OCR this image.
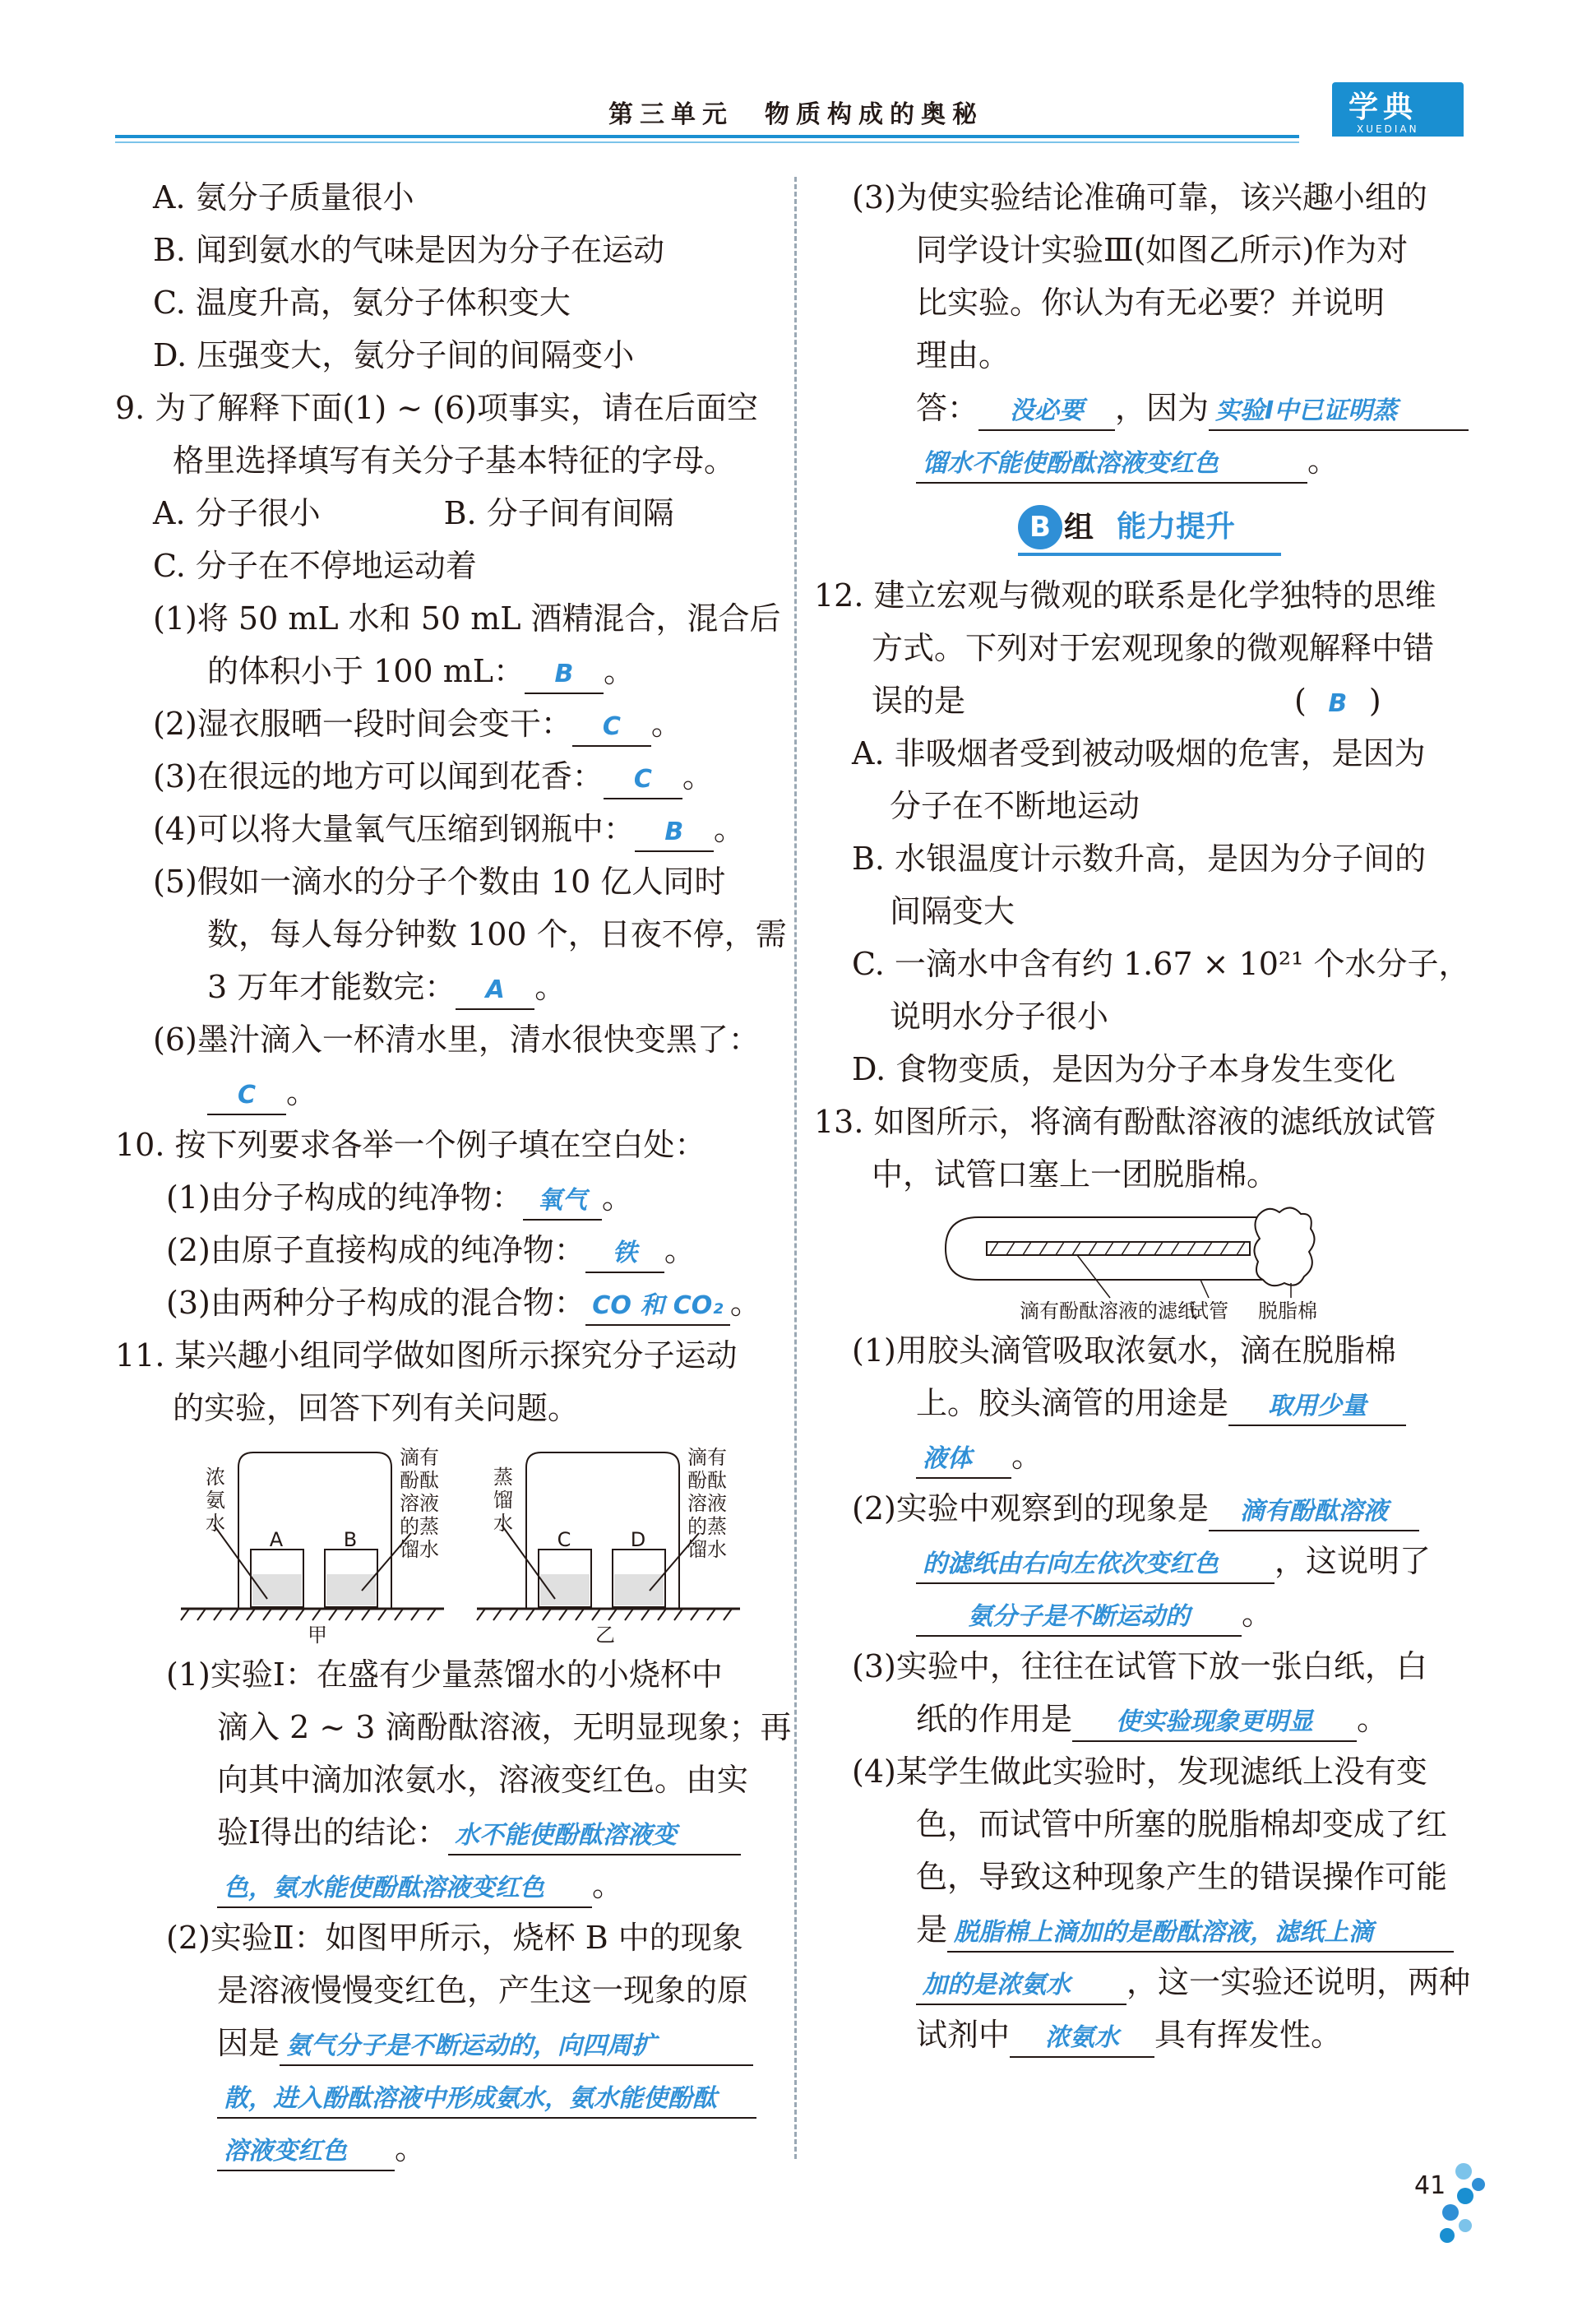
第三单元　物质构成的奥秘	学典
XUEDIAN
A. 氨分子质量很小
B. 闻到氨水的气味是因为分子在运动
C. 温度升高，氨分子体积变大
D. 压强变大，氨分子间的间隔变小
9. 为了解释下面(1) ~ (6)项事实，请在后面空
格里选择填写有关分子基本特征的字母。
A. 分子很小	B. 分子间有间隔
C. 分子在不停地运动着
(1)将 50 mL 水和 50 mL 酒精混合，混合后
的体积小于 100 mL： B 。
(2)湿衣服晒一段时间会变干： C 。
(3)在很远的地方可以闻到花香： C 。
(4)可以将大量氧气压缩到钢瓶中： B 。
(5)假如一滴水的分子个数由 10 亿人同时
数，每人每分钟数 100 个，日夜不停，需
3 万年才能数完： A 。
(6)墨汁滴入一杯清水里，清水很快变黑了：
C 。
10. 按下列要求各举一个例子填在空白处：
(1)由分子构成的纯净物： 氧气 。
(2)由原子直接构成的纯净物： 铁 。
(3)由两种分子构成的混合物： CO 和 CO₂ 。
11. 某兴趣小组同学做如图所示探究分子运动
的实验，回答下列有关问题。
A	B	C	D
浓
氨
水
滴有
酚酞
溶液
的蒸
馏水
蒸
馏
水
滴有
酚酞
溶液
的蒸
馏水
甲	乙
(1)实验Ⅰ：在盛有少量蒸馏水的小烧杯中
滴入 2 ~ 3 滴酚酞溶液，无明显现象；再
向其中滴加浓氨水，溶液变红色。由实
验Ⅰ得出的结论： 水不能使酚酞溶液变
色，氨水能使酚酞溶液变红色 。
(2)实验Ⅱ：如图甲所示，烧杯 B 中的现象
是溶液慢慢变红色，产生这一现象的原
因是 氨气分子是不断运动的，向四周扩
散，进入酚酞溶液中形成氨水，氨水能使酚酞
溶液变红色 。
(3)为使实验结论准确可靠，该兴趣小组的
同学设计实验Ⅲ(如图乙所示)作为对
比实验。你认为有无必要？并说明
理由。
答： 没必要 ，因为 实验Ⅰ中已证明蒸
馏水不能使酚酞溶液变红色	。
B 组 能力提升
12. 建立宏观与微观的联系是化学独特的思维
方式。下列对于宏观现象的微观解释中错
误的是	( B )
A. 非吸烟者受到被动吸烟的危害，是因为
分子在不断地运动
B. 水银温度计示数升高，是因为分子间的
间隔变大
C. 一滴水中含有约 1.67 × 10²¹ 个水分子，
说明水分子很小
D. 食物变质，是因为分子本身发生变化
13. 如图所示，将滴有酚酞溶液的滤纸放试管
中，试管口塞上一团脱脂棉。
滴有酚酞溶液的滤纸
试管 脱脂棉
(1)用胶头滴管吸取浓氨水，滴在脱脂棉
上。胶头滴管的用途是 取用少量
液体 。
(2)实验中观察到的现象是 滴有酚酞溶液
的滤纸由右向左依次变红色 ，这说明了
氨分子是不断运动的 。
(3)实验中，往往在试管下放一张白纸，白
纸的作用是 使实验现象更明显 。
(4)某学生做此实验时，发现滤纸上没有变
色，而试管中所塞的脱脂棉却变成了红
色，导致这种现象产生的错误操作可能
是 脱脂棉上滴加的是酚酞溶液，滤纸上滴
加的是浓氨水 ，这一实验还说明，两种
试剂中 浓氨水 具有挥发性。
41
